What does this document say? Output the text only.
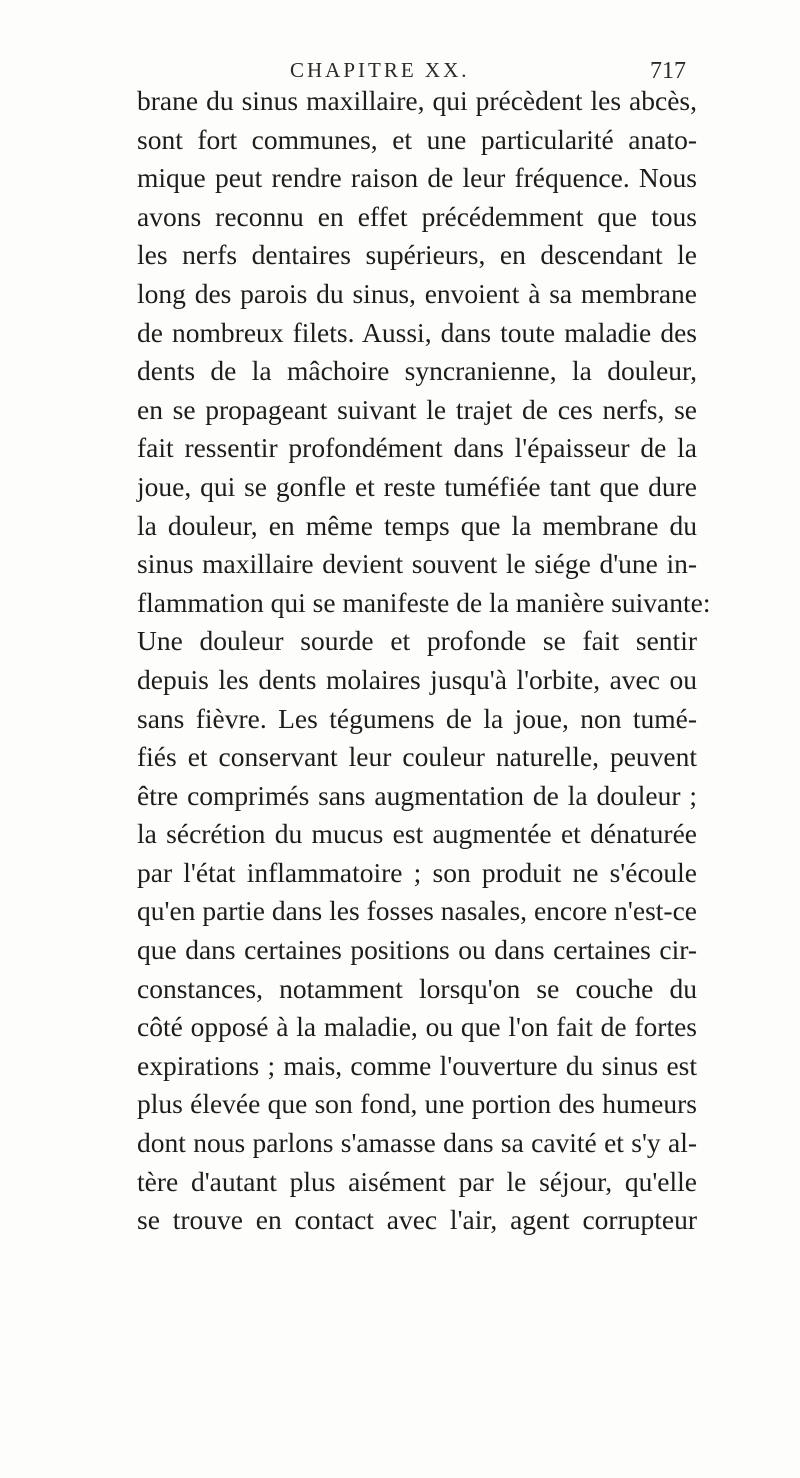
CHAPITRE XX.	717
brane du sinus maxillaire, qui précèdent les abcès,
sont fort communes, et une particularité anato-
mique peut rendre raison de leur fréquence. Nous
avons reconnu en effet précédemment que tous
les nerfs dentaires supérieurs, en descendant le
long des parois du sinus, envoient à sa membrane
de nombreux filets. Aussi, dans toute maladie des
dents de la mâchoire syncranienne, la douleur,
en se propageant suivant le trajet de ces nerfs, se
fait ressentir profondément dans l'épaisseur de la
joue, qui se gonfle et reste tuméfiée tant que dure
la douleur, en même temps que la membrane du
sinus maxillaire devient souvent le siége d'une in-
flammation qui se manifeste de la manière suivante:
Une douleur sourde et profonde se fait sentir
depuis les dents molaires jusqu'à l'orbite, avec ou
sans fièvre. Les tégumens de la joue, non tumé-
fiés et conservant leur couleur naturelle, peuvent
être comprimés sans augmentation de la douleur ;
la sécrétion du mucus est augmentée et dénaturée
par l'état inflammatoire ; son produit ne s'écoule
qu'en partie dans les fosses nasales, encore n'est-ce
que dans certaines positions ou dans certaines cir-
constances, notamment lorsqu'on se couche du
côté opposé à la maladie, ou que l'on fait de fortes
expirations ; mais, comme l'ouverture du sinus est
plus élevée que son fond, une portion des humeurs
dont nous parlons s'amasse dans sa cavité et s'y al-
tère d'autant plus aisément par le séjour, qu'elle
se trouve en contact avec l'air, agent corrupteur
